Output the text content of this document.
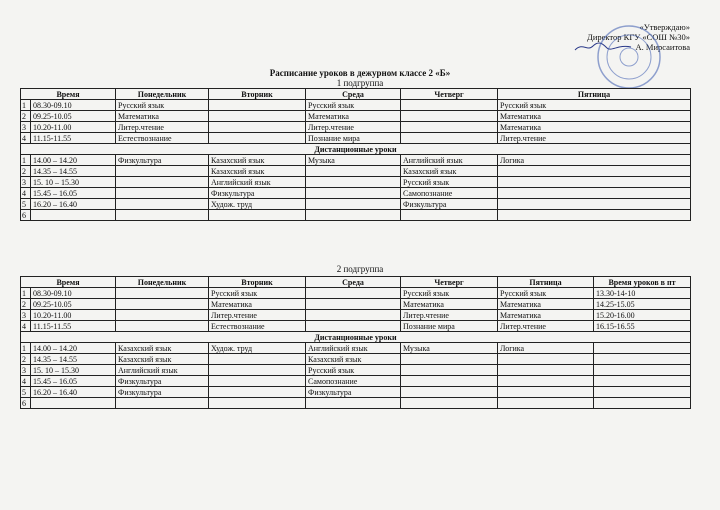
«Утверждаю»
Директор КГУ «СОШ №30»
А. Мирсаитова
Расписание уроков в дежурном классе 2 «Б»
1 подгруппа
Время		Понедельник	Вторник	Среда	Четверг	Пятница
1	08.30-09.10	Русский язык		Русский язык		Русский язык
2	09.25-10.05	Математика		Математика		Математика
3	10.20-11.00	Литер.чтение		Литер.чтение		Математика
4	11.15-11.55	Естествознание		Познание мира		Литер.чтение
Дистанционные уроки						
1	14.00 – 14.20	Физкультура	Казахский язык	Музыка	Английский язык	Логика
2	14.35 – 14.55		Казахский язык		Казахский язык	
3	15. 10 – 15.30		Английский язык		Русский язык	
4	15.45 – 16.05		Физкультура		Самопознание	
5	16.20 – 16.40		Худож. труд		Физкультура	
6						
2 подгруппа
Время		Понедельник	Вторник	Среда	Четверг	Пятница	Время уроков в пт
1	08.30-09.10		Русский язык		Русский язык	Русский язык	13.30-14-10
2	09.25-10.05		Математика		Математика	Математика	14.25-15.05
3	10.20-11.00		Литер.чтение		Литер.чтение	Математика	15.20-16.00
4	11.15-11.55		Естествознание		Познание мира	Литер.чтение	16.15-16.55
Дистанционные уроки							
1	14.00 – 14.20	Казахский язык	Худож. труд	Английский язык	Музыка	Логика	
2	14.35 – 14.55	Казахский язык		Казахский язык			
3	15. 10 – 15.30	Английский язык		Русский язык			
4	15.45 – 16.05	Физкультура		Самопознание			
5	16.20 – 16.40	Физкультура		Физкультура			
6							
